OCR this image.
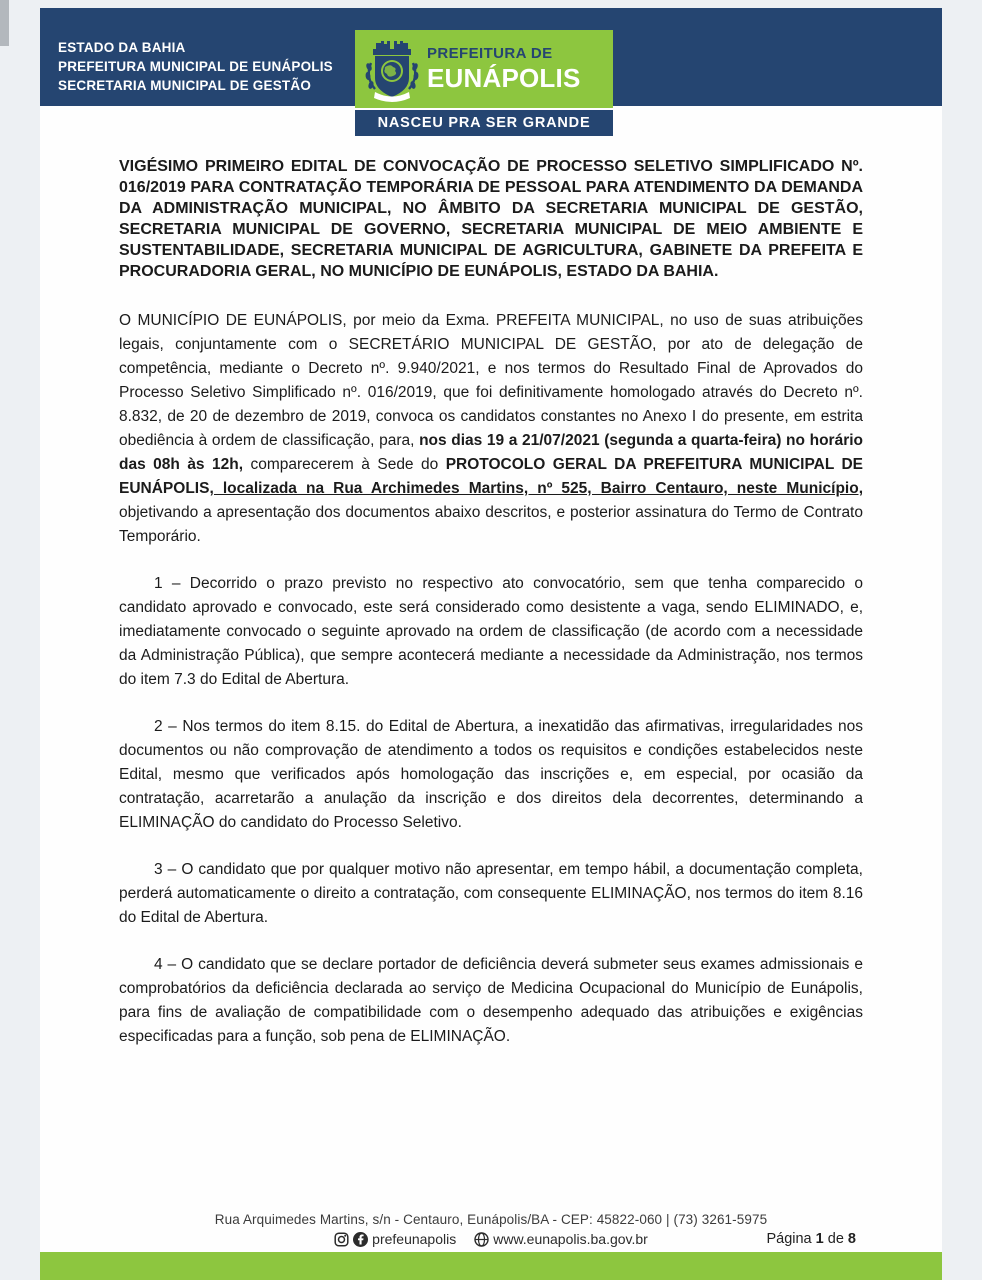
ESTADO DA BAHIA
PREFEITURA MUNICIPAL DE EUNÁPOLIS
SECRETARIA MUNICIPAL DE GESTÃO
PREFEITURA DE
EUNÁPOLIS
NASCEU PRA SER GRANDE

VIGÉSIMO PRIMEIRO EDITAL DE CONVOCAÇÃO DE PROCESSO SELETIVO SIMPLIFICADO Nº. 016/2019 PARA CONTRATAÇÃO TEMPORÁRIA DE PESSOAL PARA ATENDIMENTO DA DEMANDA DA ADMINISTRAÇÃO MUNICIPAL, NO ÂMBITO DA SECRETARIA MUNICIPAL DE GESTÃO, SECRETARIA MUNICIPAL DE GOVERNO, SECRETARIA MUNICIPAL DE MEIO AMBIENTE E SUSTENTABILIDADE, SECRETARIA MUNICIPAL DE AGRICULTURA, GABINETE DA PREFEITA E PROCURADORIA GERAL, NO MUNICÍPIO DE EUNÁPOLIS, ESTADO DA BAHIA.

O MUNICÍPIO DE EUNÁPOLIS, por meio da Exma. PREFEITA MUNICIPAL, no uso de suas atribuições legais, conjuntamente com o SECRETÁRIO MUNICIPAL DE GESTÃO, por ato de delegação de competência, mediante o Decreto nº. 9.940/2021, e nos termos do Resultado Final de Aprovados do Processo Seletivo Simplificado nº. 016/2019, que foi definitivamente homologado através do Decreto nº. 8.832, de 20 de dezembro de 2019, convoca os candidatos constantes no Anexo I do presente, em estrita obediência à ordem de classificação, para, nos dias 19 a 21/07/2021 (segunda a quarta-feira) no horário das 08h às 12h, comparecerem à Sede do PROTOCOLO GERAL DA PREFEITURA MUNICIPAL DE EUNÁPOLIS, localizada na Rua Archimedes Martins, nº 525, Bairro Centauro, neste Município, objetivando a apresentação dos documentos abaixo descritos, e posterior assinatura do Termo de Contrato Temporário.

1 – Decorrido o prazo previsto no respectivo ato convocatório, sem que tenha comparecido o candidato aprovado e convocado, este será considerado como desistente a vaga, sendo ELIMINADO, e, imediatamente convocado o seguinte aprovado na ordem de classificação (de acordo com a necessidade da Administração Pública), que sempre acontecerá mediante a necessidade da Administração, nos termos do item 7.3 do Edital de Abertura.

2 – Nos termos do item 8.15. do Edital de Abertura, a inexatidão das afirmativas, irregularidades nos documentos ou não comprovação de atendimento a todos os requisitos e condições estabelecidos neste Edital, mesmo que verificados após homologação das inscrições e, em especial, por ocasião da contratação, acarretarão a anulação da inscrição e dos direitos dela decorrentes, determinando a ELIMINAÇÃO do candidato do Processo Seletivo.

3 – O candidato que por qualquer motivo não apresentar, em tempo hábil, a documentação completa, perderá automaticamente o direito a contratação, com consequente ELIMINAÇÃO, nos termos do item 8.16 do Edital de Abertura.

4 – O candidato que se declare portador de deficiência deverá submeter seus exames admissionais e comprobatórios da deficiência declarada ao serviço de Medicina Ocupacional do Município de Eunápolis, para fins de avaliação de compatibilidade com o desempenho adequado das atribuições e exigências especificadas para a função, sob pena de ELIMINAÇÃO.

Rua Arquimedes Martins, s/n - Centauro, Eunápolis/BA - CEP: 45822-060 | (73) 3261-5975
prefeunapolis	www.eunapolis.ba.gov.br	Página 1 de 8
